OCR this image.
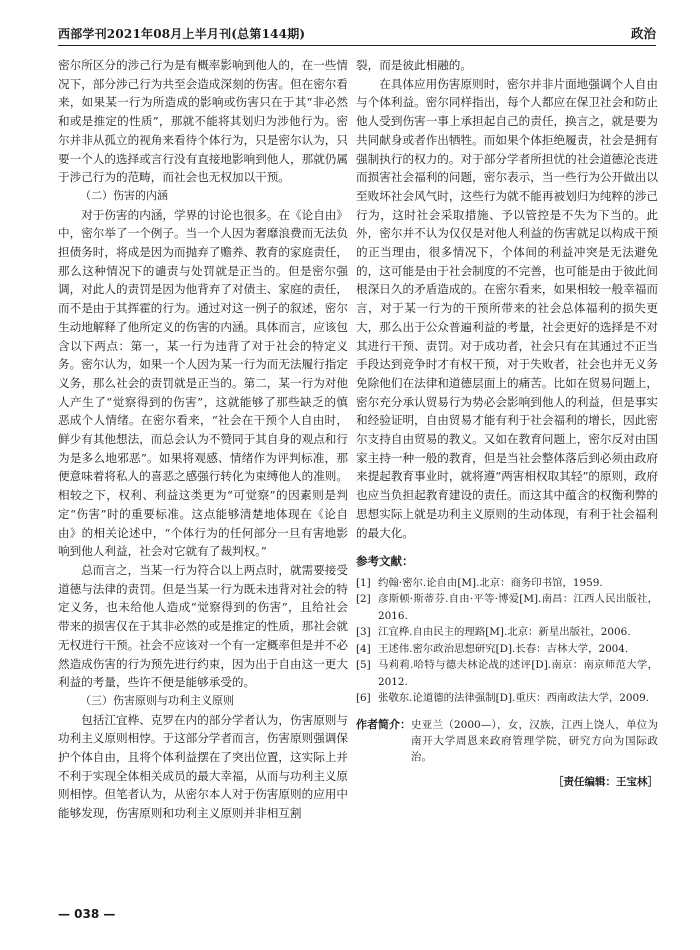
西部学刊2021年08月上半月刊(总第144期)	政治

密尔所区分的涉己行为是有概率影响到他人的，在一些情况下，部分涉己行为共至会造成深刻的伤害。但在密尔看来，如果某一行为所造成的影响或伤害只在于其“非必然和或是推定的性质”，那就不能将其划归为涉他行为。密尔并非从孤立的视角来看待个体行为，只是密尔认为，只要一个人的选择或言行没有直接地影响到他人，那就仍属于涉己行为的范畴，而社会也无权加以干预。

（二）伤害的内涵

对于伤害的内涵，学界的讨论也很多。在《论自由》中，密尔举了一个例子。当一个人因为奢靡浪费而无法负担债务时，将成是因为而抛弃了赡养、教育的家庭责任，那么这种情况下的谴责与处罚就是正当的。但是密尔强调，对此人的责罚是因为他背弃了对债主、家庭的责任，而不是由于其挥霍的行为。通过对这一例子的叙述，密尔生动地解释了他所定义的伤害的内涵。具体而言，应该包含以下两点：第一，某一行为违背了对于社会的特定义务。密尔认为，如果一个人因为某一行为而无法履行指定义务，那么社会的责罚就是正当的。第二，某一行为对他人产生了“觉察得到的伤害”，这就能够了那些缺乏的慎恶成个人情绪。在密尔看来，“社会在干预个人自由时，鲜少有其他想法，而总会认为不赞同于其自身的观点和行为是多么地邪恶”。如果将观感、情绪作为评判标准，那便意味着将私人的喜恶之感强行转化为束缚他人的准则。相较之下，权利、利益这类更为“可觉察”的因素则是判定“伤害”时的重要标准。这点能够清楚地体现在《论自由》的相关论述中，“个体行为的任何部分一旦有害地影响到他人利益，社会对它就有了裁判权。”

总而言之，当某一行为符合以上两点时，就需要接受道德与法律的责罚。但是当某一行为既未违背对社会的特定义务，也未给他人造成“觉察得到的伤害”，且给社会带来的损害仅在于其非必然的或是推定的性质，那社会就无权进行干预。社会不应该对一个有一定概率但是并不必然造成伤害的行为预先进行约束，因为出于自由这一更大利益的考量，些许不便是能够承受的。

（三）伤害原则与功利主义原则

包括江宜桦、克罗在内的部分学者认为，伤害原则与功利主义原则相悖。于这部分学者而言，伤害原则强调保护个体自由，且将个体利益摆在了突出位置，这实际上并不利于实现全体相关成员的最大幸福，从而与功利主义原则相悖。但笔者认为，从密尔本人对于伤害原则的应用中能够发现，伤害原则和功利主义原则并非相互割

裂，而是彼此相融的。

在具体应用伤害原则时，密尔并非片面地强调个人自由与个体利益。密尔同样指出，每个人都应在保卫社会和防止他人受到伤害一事上承担起自己的责任，换言之，就是要为共同献身或者作出牺牲。而如果个体拒绝履责，社会是拥有强制执行的权力的。对于部分学者所担忧的社会道德沦丧进而损害社会福利的问题，密尔表示，当一些行为公开做出以至败坏社会风气时，这些行为就不能再被划归为纯粹的涉己行为，这时社会采取措施、予以管控是不失为下当的。此外，密尔并不认为仅仅是对他人利益的伤害就足以构成干预的正当理由，很多情况下，个体间的利益冲突是无法避免的，这可能是由于社会制度的不完善，也可能是由于彼此间根深日久的矛盾造成的。在密尔看来，如果相较一般幸福而言，对于某一行为的干预所带来的社会总体福利的损失更大，那么出于公众普遍利益的考量，社会更好的选择是不对其进行干预、责罚。对于成功者，社会只有在其通过不正当手段达到竞争时才有权干预，对于失败者，社会也并无义务免除他们在法律和道德层面上的痛苦。比如在贸易问题上，密尔充分承认贸易行为势必会影响到他人的利益，但是事实和经验证明，自由贸易才能有利于社会福利的增长，因此密尔支持自由贸易的教义。又如在教育问题上，密尔反对由国家主持一种一般的教育，但是当社会整体落后到必须由政府来提起教育事业时，就将遵“两害相权取其轻”的原则，政府也应当负担起教育建设的责任。而这其中蕴含的权衡利弊的思想实际上就是功利主义原则的生动体现，有利于社会福利的最大化。

参考文献：
[1] 约翰·密尔.论自由[M].北京：商务印书馆，1959.
[2] 彦斯顿·斯蒂芬.自由·平等·博爱[M].南昌：江西人民出版社，2016.
[3] 江宜桦.自由民主的理路[M].北京：新星出版社，2006.
[4] 王述伟.密尔政治思想研究[D].长春：吉林大学，2004.
[5] 马莉莉.哈特与德夫林论战的述评[D].南京：南京师范大学，2012.
[6] 张敬东.论道德的法律强制[D].重庆：西南政法大学，2009.
作者简介： 史亚兰（2000—），女，汉族，江西上饶人，单位为南开大学周恩来政府管理学院，研究方向为国际政治。
［责任编辑：王宝林］
— 038 —
